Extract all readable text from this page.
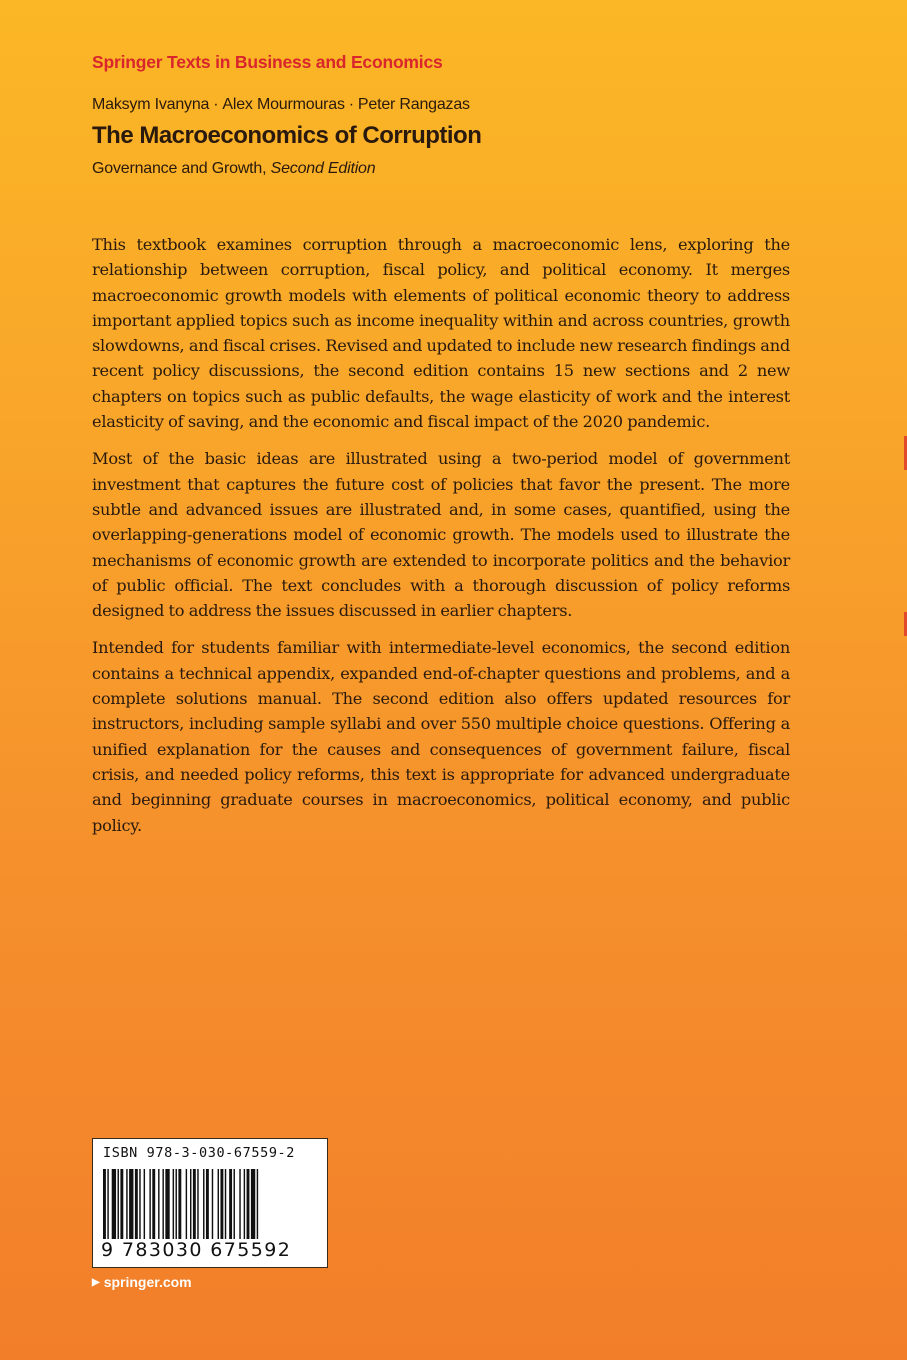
Springer Texts in Business and Economics
Maksym Ivanyna · Alex Mourmouras · Peter Rangazas
The Macroeconomics of Corruption
Governance and Growth, Second Edition

This textbook examines corruption through a macroeconomic lens, exploring the relationship between corruption, fiscal policy, and political economy. It merges macroeconomic growth models with elements of political economic theory to address important applied topics such as income inequality within and across countries, growth slowdowns, and fiscal crises. Revised and updated to include new research findings and recent policy discussions, the second edition contains 15 new sections and 2 new chapters on topics such as public defaults, the wage elasticity of work and the interest elasticity of saving, and the economic and fiscal impact of the 2020 pandemic.

Most of the basic ideas are illustrated using a two-period model of government investment that captures the future cost of policies that favor the present. The more subtle and advanced issues are illustrated and, in some cases, quantified, using the overlapping-generations model of economic growth. The models used to illustrate the mechanisms of economic growth are extended to incorporate politics and the behavior of public official. The text concludes with a thorough discussion of policy reforms designed to address the issues discussed in earlier chapters.

Intended for students familiar with intermediate-level economics, the second edition contains a technical appendix, expanded end-of-chapter questions and problems, and a complete solutions manual. The second edition also offers updated resources for instructors, including sample syllabi and over 550 multiple choice questions. Offering a unified explanation for the causes and consequences of government failure, fiscal crisis, and needed policy reforms, this text is appropriate for advanced undergraduate and beginning graduate courses in macroeconomics, political economy, and public policy.

ISBN 978-3-030-67559-2
9 783030 675592
▶ springer.com
